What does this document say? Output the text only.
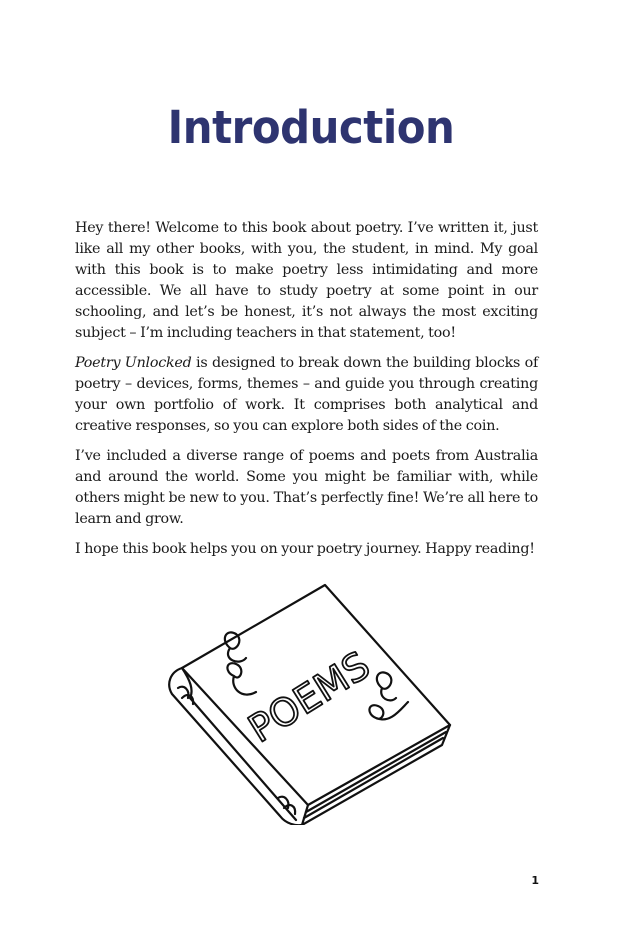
Introduction

Hey there! Welcome to this book about poetry. I’ve written it, just like all my other books, with you, the student, in mind. My goal with this book is to make poetry less intimidating and more accessible. We all have to study poetry at some point in our schooling, and let’s be honest, it’s not always the most exciting subject – I’m including teachers in that statement, too!

Poetry Unlocked is designed to break down the building blocks of poetry – devices, forms, themes – and guide you through creating your own portfolio of work. It comprises both analytical and creative responses, so you can explore both sides of the coin.

I’ve included a diverse range of poems and poets from Australia and around the world. Some you might be familiar with, while others might be new to you. That’s perfectly fine! We’re all here to learn and grow.

I hope this book helps you on your poetry journey. Happy reading!

POEMS
1
